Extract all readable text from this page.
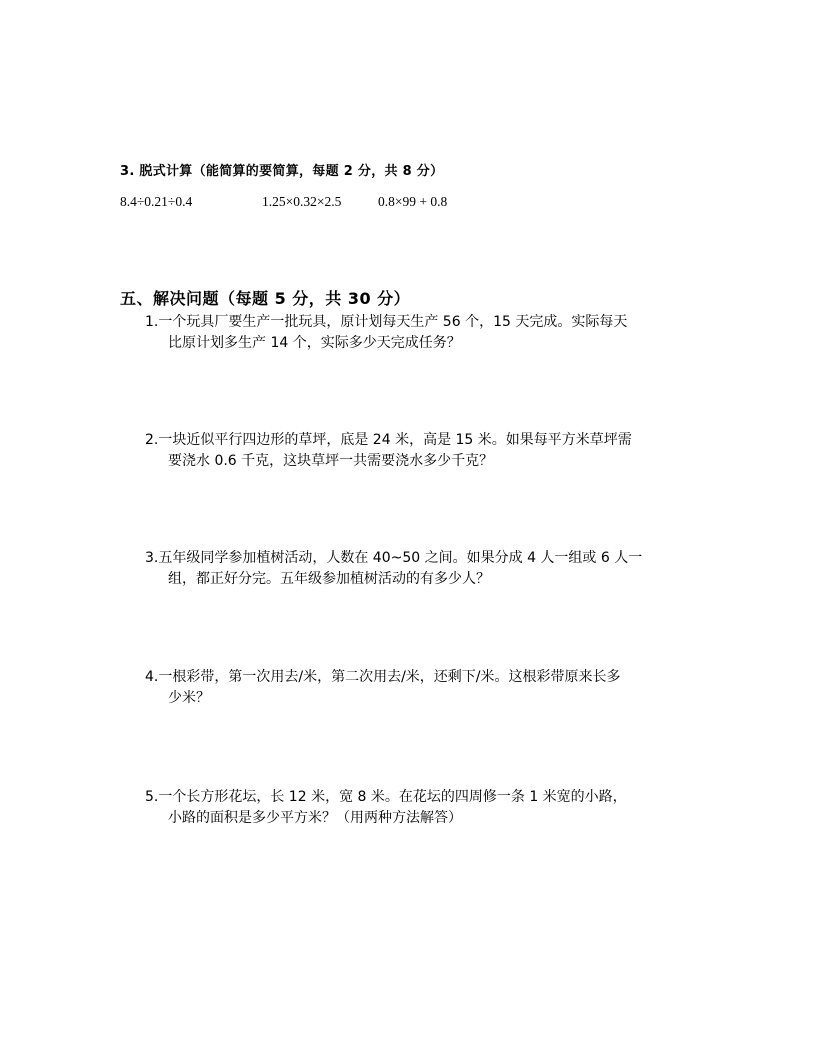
3. 脱式计算（能简算的要简算，每题 2 分，共 8 分）
8.4÷0.21÷0.4	1.25×0.32×2.5	0.8×99 + 0.8
五、解决问题（每题 5 分，共 30 分）
1.一个玩具厂要生产一批玩具，原计划每天生产 56 个，15 天完成。实际每天
比原计划多生产 14 个，实际多少天完成任务？
2.一块近似平行四边形的草坪，底是 24 米，高是 15 米。如果每平方米草坪需
要浇水 0.6 千克，这块草坪一共需要浇水多少千克？
3.五年级同学参加植树活动，人数在 40~50 之间。如果分成 4 人一组或 6 人一
组，都正好分完。五年级参加植树活动的有多少人？
4.一根彩带，第一次用去/米，第二次用去/米，还剩下/米。这根彩带原来长多
少米？
5.一个长方形花坛，长 12 米，宽 8 米。在花坛的四周修一条 1 米宽的小路，
小路的面积是多少平方米？（用两种方法解答）
